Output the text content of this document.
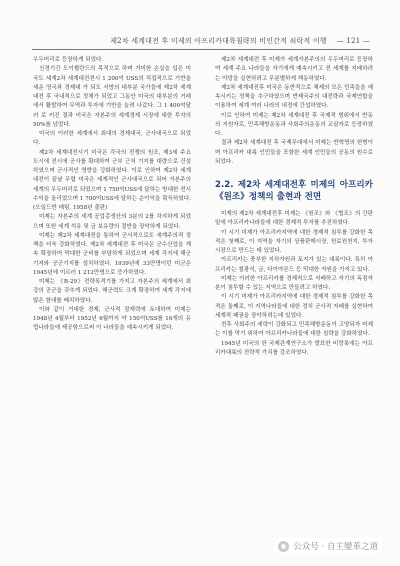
제2차 세계대전 후 미제의 아프리카대륙침략의 비인간적 쇠락적 이행 — 121 —

우두머리로 등장하게 되었다.

신경기간 도이췰란드의 목적으로 하며 거미한 손실을 입은 미국도 세계2차 세계대전전시 1 200억 USS의 직접적으로 기반을 세운 영국과 경제대 가 되도 서방의 대부분 국가들에 제2차 세계대전 후 국내적으로 정체가 되었고 그동안 미국의 대부분의 거래에서 활발하여 무역과 투자에 기반을 늘려 나갔다. 그 1 400억달러 로 커진 결과 미국은 자본주의 세계경제 시장에 대한 투자의 50%를 넘었다.

미국의 이러한 세계에서 최대의 경제대국, 군사대국으로 되었다.

제2차 세계대전시기 미국은 각국의 전쟁의 원조, 제3세 주요 도시에 전시에 군사를 확대하여 군부 근처 기지를 대량으로 건설하였으며 군사적인 영향을 강화하였다. 이로 인하여 제2차 세계대전이 끝날 무렵 미국은 세계적인 군사대국으로 되어 자본주의 세계의 우두머리로 되었으며 1 750억USS에 달하는 방대한 전시수익을 올리었으며 1 700억USS에 달하는 순이익을 획득하였다. (오일드반 매팅, 1958년 출판)

미제는 자본주의 세계 공업총생산의 3분의 2를 차지하게 되었으며 또한 세계 석유 및 금 보유량의 절반을 장악하게 되었다.

미제는 제2차 세계대전을 통하여 군사적으로도 세계주의적 정책을 더욱 강화하였다. 제2차 세계대전 후 미국은 군수산업을 계속 확장하여 막대한 군비를 부담하게 되었으며 세계 각지에 해군기지와 공군기지를 설치하였다. 1939년에 33만명이던 미군은 1945년에 이르러 1 212만명으로 증가하였다.

미제는 《B-29》전략폭격기를 가지고 자본주의 세계에서 최강의 공군을 갖추게 되었다. 해군력도 크게 확장하여 세계 각지에 많은 함대를 배치하였다.

이와 같이 거대한 경제, 군사적 잠재력에 토대하여 미제는 1948년 4월부터 1952년 6월까지 약 150억USS를 16개의 유럽나라들에 제공함으로써 이 나라들을 예속시키게 되었다.

제2차 세계대전 후 미제가 세계자본주의의 우두머리로 등장하여 세계 주요 나라들을 자기에게 예속시키고 전 세계를 지배하려는 야망을 실현하려고 무분별하게 책동하였다.

제2차 세계대전후 미국은 동반적으로 체제의 모든 민족들을 예속시키는 정책을 추구하였으며 반제국주의 대전략과 국제연합을 이용하여 세계 여러 나라의 내정에 간섭하였다.

이로 인하여 미제는 제2차 세계대전 후 국제적 범위에서 반동의 지원자로, 민족해방운동과 사회주의운동의 교살자로 등장하였다.

결과 제2차 세계대전 후 국제무대에서 미제는 반혁명의 헌병이며 아프리카 대륙 인민들을 포함한 세계 인민들의 공동의 원수로 되었다.

2.2. 제2차 세계대전후 미제의 아프리카 《원조》정책의 출현과 전면

미제의 제2차 세계대전후 미제는 《원조》와 《협조》의 간판밑에 아프리카나라들에 대한 경제적 투자를 추진하였다.

이 시기 미제가 아프리카지역에 대한 경제적 침투를 강화한 목적은 첫째로, 이 지역을 자기의 상품판매시장, 원료원천지, 투자시장으로 만드는 데 있었다.

아프리카는 풍부한 지하자원과 토지가 있는 대륙이다. 특히 아프리카는 철광석, 금, 다이야몬드 등 막대한 자원을 가지고 있다.

미제는 이러한 아프리카를 경제적으로 지배하고 자기의 독점자본이 침투할 수 있는 지역으로 만들려고 하였다.

이 시기 미제가 아프리카지역에 대한 경제적 침투를 강화한 목적은 둘째로, 이 지역나라들에 대한 정치 군사적 지배를 실현하여 세계적 패권을 장악하려는데 있었다.

전후 사회주의 세력이 강화되고 민족해방운동이 고양되자 미제는 이를 막기 위하여 아프리카나라들에 대한 침략을 강화하였다.

1945년 미국의 한 국제관계연구소가 발표한 비망록에는 아프리카대륙의 전략적 가치를 강조하였다.

公众号 · 自主變革之道
